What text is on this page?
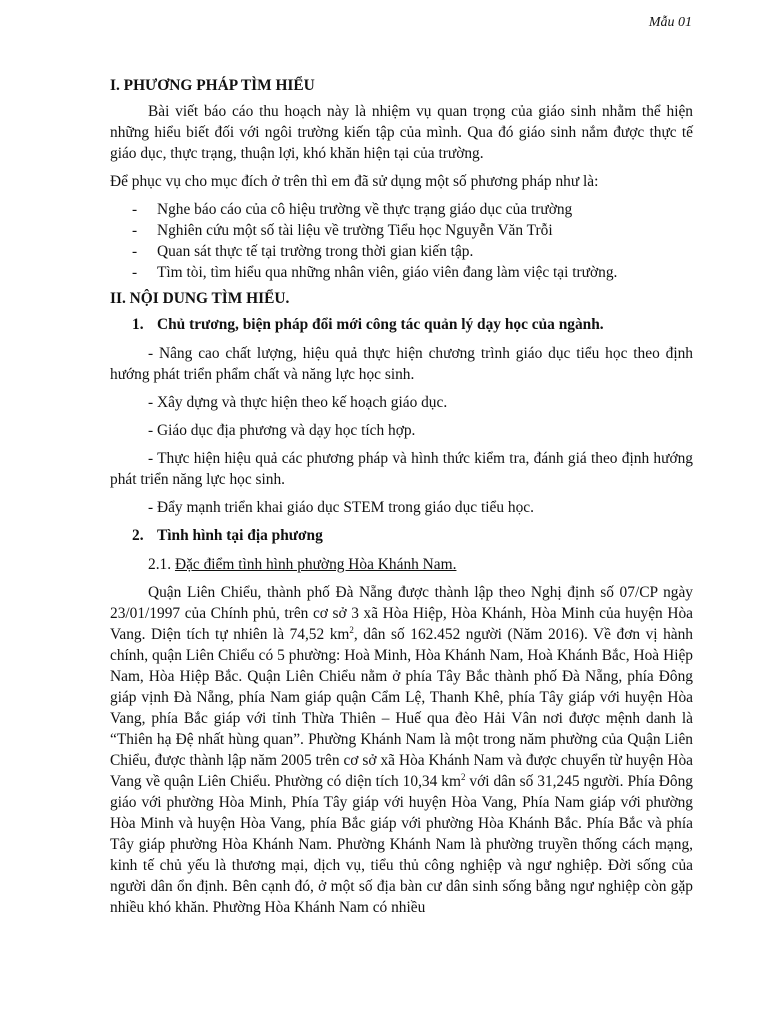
Mẫu 01

I. PHƯƠNG PHÁP TÌM HIỂU

Bài viết báo cáo thu hoạch này là nhiệm vụ quan trọng của giáo sinh nhằm thể hiện những hiểu biết đối với ngôi trường kiến tập của mình. Qua đó giáo sinh nắm được thực tế giáo dục, thực trạng, thuận lợi, khó khăn hiện tại của trường.

Để phục vụ cho mục đích ở trên thì em đã sử dụng một số phương pháp như là:

- Nghe báo cáo của cô hiệu trường về thực trạng giáo dục của trường
- Nghiên cứu một số tài liệu về trường Tiểu học Nguyễn Văn Trỗi
- Quan sát thực tế tại trường trong thời gian kiến tập.
- Tìm tòi, tìm hiểu qua những nhân viên, giáo viên đang làm việc tại trường.

II. NỘI DUNG TÌM HIỂU.

1. Chủ trương, biện pháp đổi mới công tác quản lý dạy học của ngành.

- Nâng cao chất lượng, hiệu quả thực hiện chương trình giáo dục tiểu học theo định hướng phát triển phẩm chất và năng lực học sinh.

- Xây dựng và thực hiện theo kế hoạch giáo dục.

- Giáo dục địa phương và dạy học tích hợp.

- Thực hiện hiệu quả các phương pháp và hình thức kiểm tra, đánh giá theo định hướng phát triển năng lực học sinh.

- Đẩy mạnh triển khai giáo dục STEM trong giáo dục tiểu học.

2. Tình hình tại địa phương
2.1. Đặc điểm tình hình phường Hòa Khánh Nam.

Quận Liên Chiểu, thành phố Đà Nẵng được thành lập theo Nghị định số 07/CP ngày 23/01/1997 của Chính phủ, trên cơ sở 3 xã Hòa Hiệp, Hòa Khánh, Hòa Minh của huyện Hòa Vang. Diện tích tự nhiên là 74,52 $km^2$, dân số 162.452 người (Năm 2016). Về đơn vị hành chính, quận Liên Chiểu có 5 phường: Hoà Minh, Hòa Khánh Nam, Hoà Khánh Bắc, Hoà Hiệp Nam, Hòa Hiệp Bắc. Quận Liên Chiểu nằm ở phía Tây Bắc thành phố Đà Nẵng, phía Đông giáp vịnh Đà Nẵng, phía Nam giáp quận Cẩm Lệ, Thanh Khê, phía Tây giáp với huyện Hòa Vang, phía Bắc giáp với tỉnh Thừa Thiên – Huế qua đèo Hải Vân nơi được mệnh danh là “Thiên hạ Đệ nhất hùng quan”. Phường Khánh Nam là một trong năm phường của Quận Liên Chiểu, được thành lập năm 2005 trên cơ sở xã Hòa Khánh Nam và được chuyển từ huyện Hòa Vang về quận Liên Chiểu. Phường có diện tích 10,34 $km^2$ với dân số 31,245 người. Phía Đông giáo với phường Hòa Minh, Phía Tây giáp với huyện Hòa Vang, Phía Nam giáp với phường Hòa Minh và huyện Hòa Vang, phía Bắc giáp với phường Hòa Khánh Bắc. Phía Bắc và phía Tây giáp phường Hòa Khánh Nam. Phường Khánh Nam là phường truyền thống cách mạng, kinh tế chủ yếu là thương mại, dịch vụ, tiểu thủ công nghiệp và ngư nghiệp. Đời sống của người dân ổn định. Bên cạnh đó, ở một số địa bàn cư dân sinh sống bằng ngư nghiệp còn gặp nhiều khó khăn. Phường Hòa Khánh Nam có nhiều
